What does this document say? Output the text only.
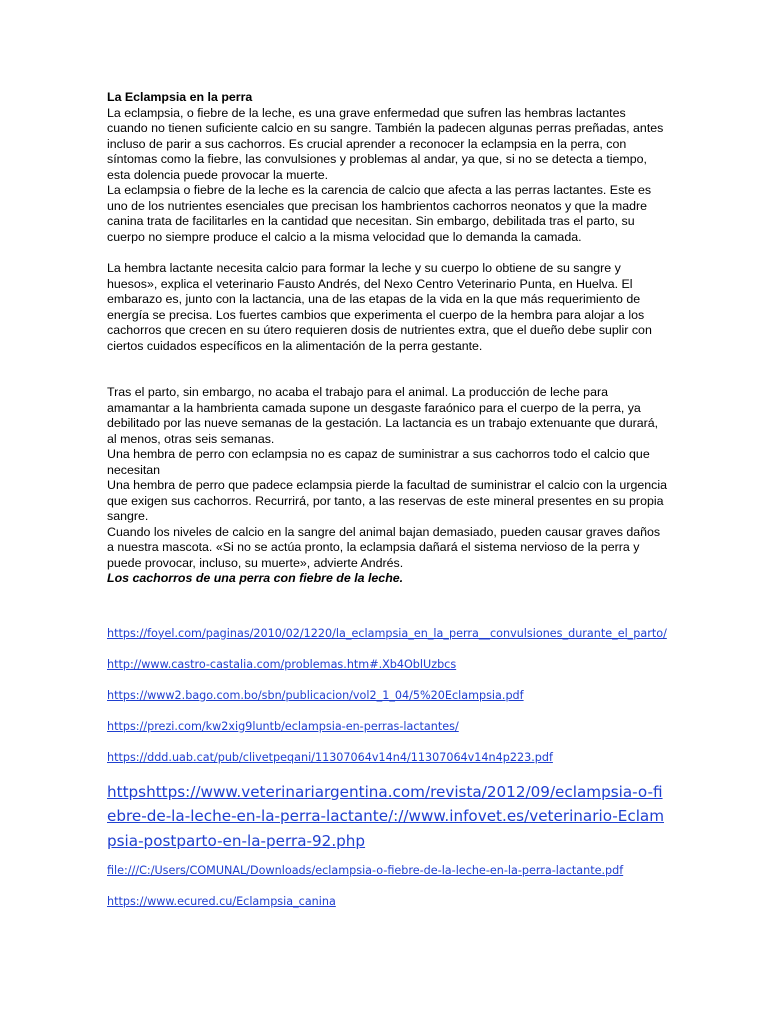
La Eclampsia en la perra

La eclampsia, o fiebre de la leche, es una grave enfermedad que sufren las hembras lactantes cuando no tienen suficiente calcio en su sangre. También la padecen algunas perras preñadas, antes incluso de parir a sus cachorros. Es crucial aprender a reconocer la eclampsia en la perra, con síntomas como la fiebre, las convulsiones y problemas al andar, ya que, si no se detecta a tiempo, esta dolencia puede provocar la muerte.

La eclampsia o fiebre de la leche es la carencia de calcio que afecta a las perras lactantes. Este es uno de los nutrientes esenciales que precisan los hambrientos cachorros neonatos y que la madre canina trata de facilitarles en la cantidad que necesitan. Sin embargo, debilitada tras el parto, su cuerpo no siempre produce el calcio a la misma velocidad que lo demanda la camada.

La hembra lactante necesita calcio para formar la leche y su cuerpo lo obtiene de su sangre y huesos», explica el veterinario Fausto Andrés, del Nexo Centro Veterinario Punta, en Huelva. El embarazo es, junto con la lactancia, una de las etapas de la vida en la que más requerimiento de energía se precisa. Los fuertes cambios que experimenta el cuerpo de la hembra para alojar a los cachorros que crecen en su útero requieren dosis de nutrientes extra, que el dueño debe suplir con ciertos cuidados específicos en la alimentación de la perra gestante.

Tras el parto, sin embargo, no acaba el trabajo para el animal. La producción de leche para amamantar a la hambrienta camada supone un desgaste faraónico para el cuerpo de la perra, ya debilitado por las nueve semanas de la gestación. La lactancia es un trabajo extenuante que durará, al menos, otras seis semanas.

Una hembra de perro con eclampsia no es capaz de suministrar a sus cachorros todo el calcio que necesitan

Una hembra de perro que padece eclampsia pierde la facultad de suministrar el calcio con la urgencia que exigen sus cachorros. Recurrirá, por tanto, a las reservas de este mineral presentes en su propia sangre.

Cuando los niveles de calcio en la sangre del animal bajan demasiado, pueden causar graves daños a nuestra mascota. «Si no se actúa pronto, la eclampsia dañará el sistema nervioso de la perra y puede provocar, incluso, su muerte», advierte Andrés.

Los cachorros de una perra con fiebre de la leche.

https://foyel.com/paginas/2010/02/1220/la_eclampsia_en_la_perra__convulsiones_durante_el_parto/
http://www.castro-castalia.com/problemas.htm#.Xb4OblUzbcs
https://www2.bago.com.bo/sbn/publicacion/vol2_1_04/5%20Eclampsia.pdf
https://prezi.com/kw2xig9luntb/eclampsia-en-perras-lactantes/
https://ddd.uab.cat/pub/clivetpeqani/11307064v14n4/11307064v14n4p223.pdf
httpshttps://www.veterinariargentina.com/revista/2012/09/eclampsia-o-fiebre-de-la-leche-en-la-perra-lactante/://www.infovet.es/veterinario-Eclampsia-postparto-en-la-perra-92.php
file:///C:/Users/COMUNAL/Downloads/eclampsia-o-fiebre-de-la-leche-en-la-perra-lactante.pdf
https://www.ecured.cu/Eclampsia_canina
